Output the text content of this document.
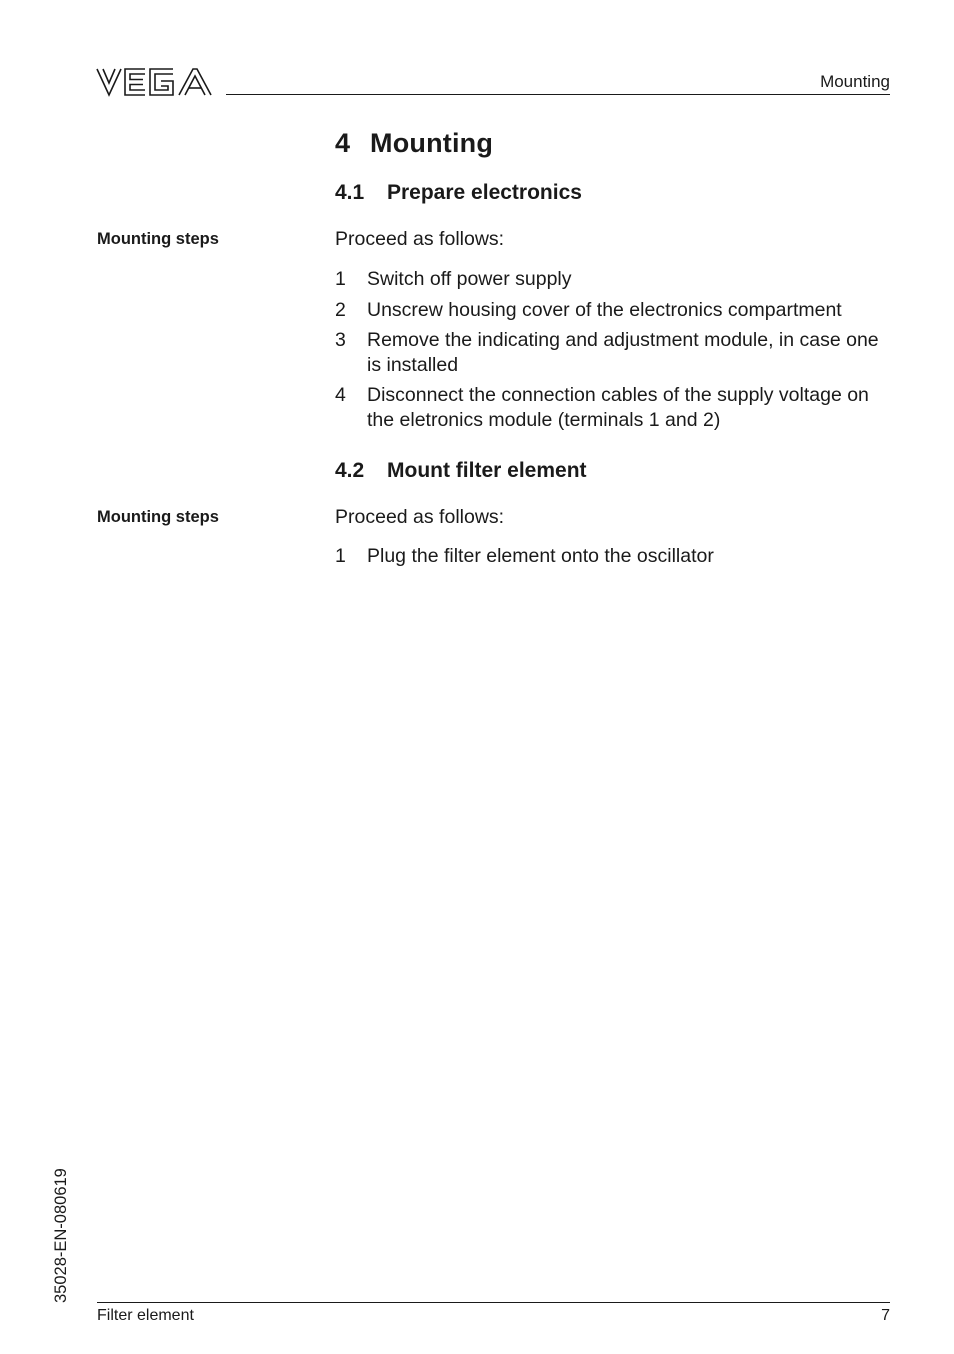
Mounting
4 Mounting
4.1 Prepare electronics
Mounting steps	Proceed as follows:
1	Switch off power supply
2	Unscrew housing cover of the electronics compartment
3	Remove the indicating and adjustment module, in case one is installed
4	Disconnect the connection cables of the supply voltage on the eletronics module (terminals 1 and 2)
4.2 Mount filter element
Mounting steps	Proceed as follows:
1	Plug the filter element onto the oscillator
35028-EN-080619
Filter element	7
